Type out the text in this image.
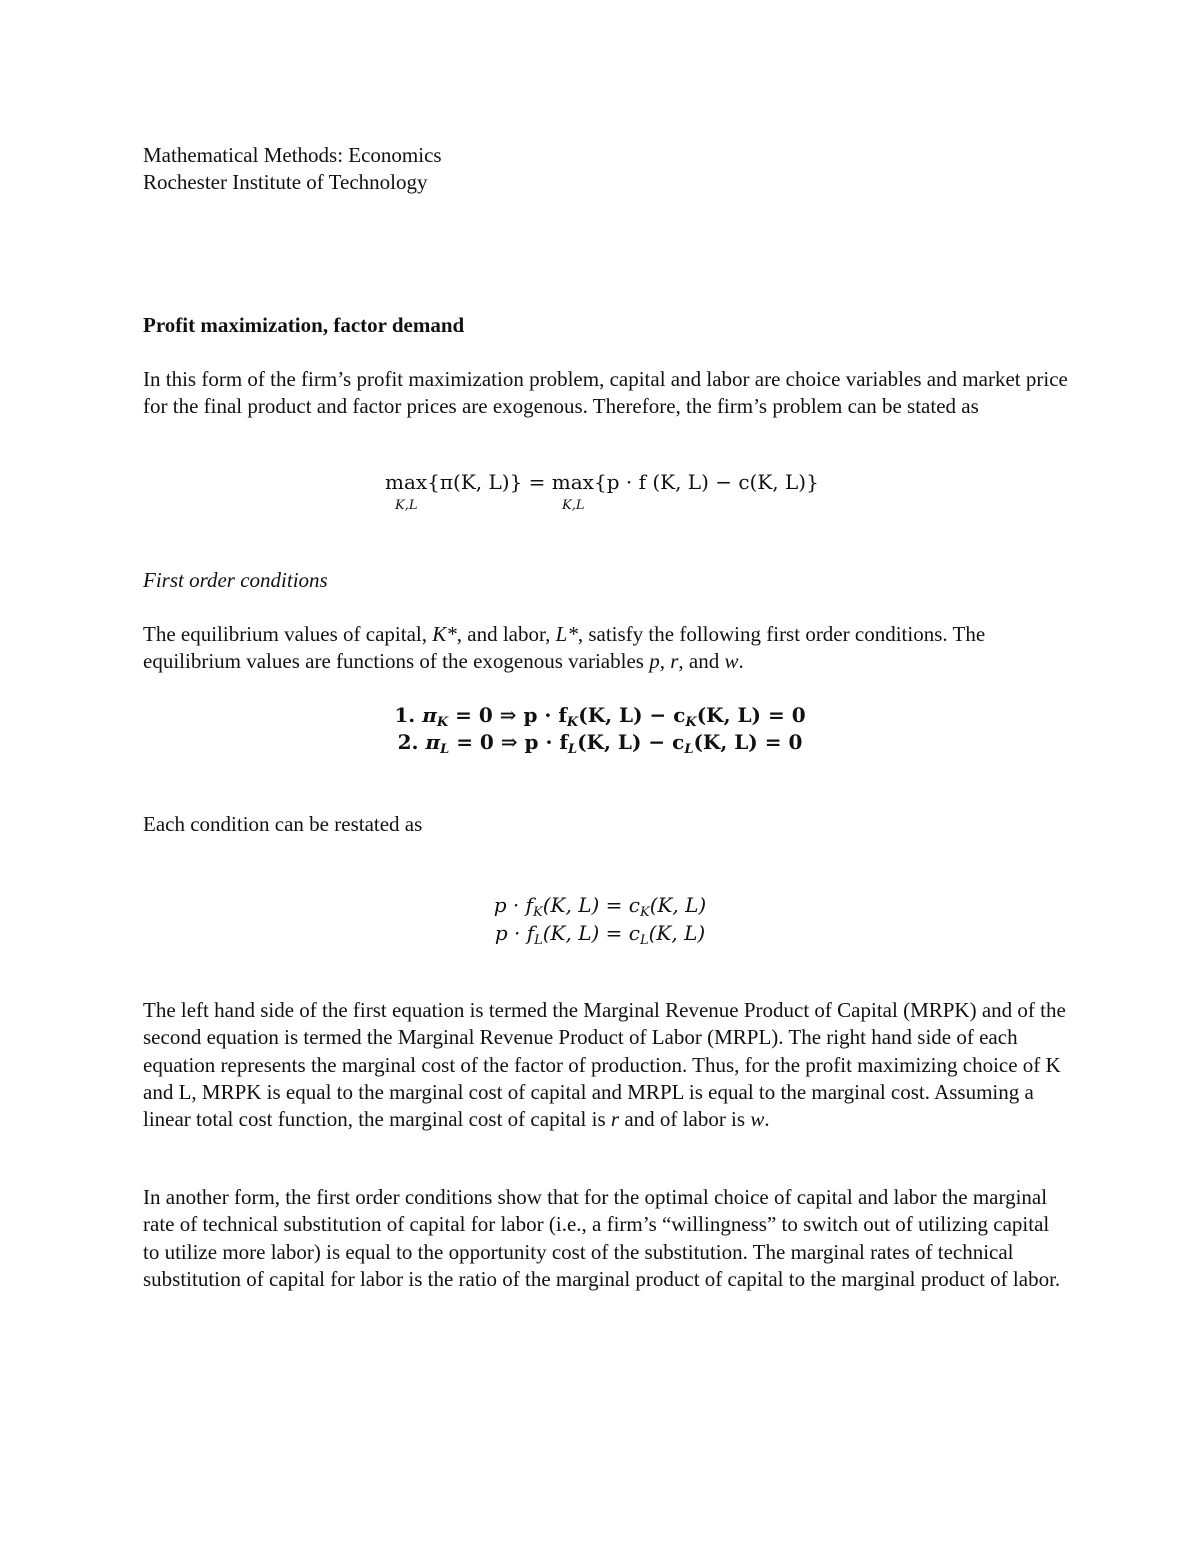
Mathematical Methods: Economics
Rochester Institute of Technology
Profit maximization, factor demand
In this form of the firm’s profit maximization problem, capital and labor are choice variables and market price for the final product and factor prices are exogenous. Therefore, the firm’s problem can be stated as
max{π(K, L)} = max{p · f (K, L) − c(K, L)}
K,L	K,L
First order conditions
The equilibrium values of capital, K*, and labor, L*, satisfy the following first order conditions. The equilibrium values are functions of the exogenous variables p, r, and w.
1. $\pi_K = 0$ ⇒ $p \cdot f_K(K$, $L) - c_K(K$, L) = 0
2. $\pi_L = 0$ ⇒ $p \cdot f_L(K$, $L) - c_L(K$, L) = 0
Each condition can be restated as
$p \cdot f_K(K$, $L) = c_K(K$, L)
$p \cdot f_L(K$, $L) = c_L(K$, L)
The left hand side of the first equation is termed the Marginal Revenue Product of Capital (MRPK) and of the second equation is termed the Marginal Revenue Product of Labor (MRPL). The right hand side of each equation represents the marginal cost of the factor of production. Thus, for the profit maximizing choice of K and L, MRPK is equal to the marginal cost of capital and MRPL is equal to the marginal cost. Assuming a linear total cost function, the marginal cost of capital is r and of labor is w.
In another form, the first order conditions show that for the optimal choice of capital and labor the marginal rate of technical substitution of capital for labor (i.e., a firm’s “willingness” to switch out of utilizing capital to utilize more labor) is equal to the opportunity cost of the substitution. The marginal rates of technical substitution of capital for labor is the ratio of the marginal product of capital to the marginal product of labor.
